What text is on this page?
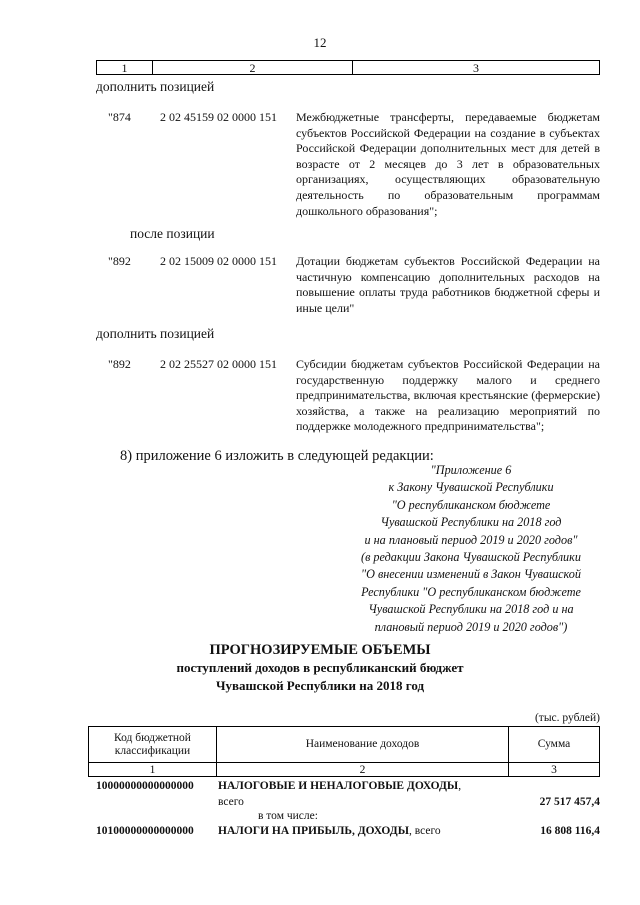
12
1	2	3
дополнить позицией
"874 2 02 45159 02 0000 151 Межбюджетные трансферты, передаваемые бюджетам субъектов Российской Федерации на создание в субъектах Российской Федерации дополнительных мест для детей в возрасте от 2 месяцев до 3 лет в образовательных организациях, осуществляющих образовательную деятельность по образовательным программам дошкольного образования";
после позиции
"892 2 02 15009 02 0000 151 Дотации бюджетам субъектов Российской Федерации на частичную компенсацию дополнительных расходов на повышение оплаты труда работников бюджетной сферы и иные цели"
дополнить позицией
"892 2 02 25527 02 0000 151 Субсидии бюджетам субъектов Российской Федерации на государственную поддержку малого и среднего предпринимательства, включая крестьянские (фермерские) хозяйства, а также на реализацию мероприятий по поддержке молодежного предпринимательства";
8) приложение 6 изложить в следующей редакции:
"Приложение 6
к Закону Чувашской Республики
"О республиканском бюджете
Чувашской Республики на 2018 год
и на плановый период 2019 и 2020 годов"
(в редакции Закона Чувашской Республики
"О внесении изменений в Закон Чувашской
Республики "О республиканском бюджете
Чувашской Республики на 2018 год и на
плановый период 2019 и 2020 годов")
ПРОГНОЗИРУЕМЫЕ ОБЪЕМЫ
поступлений доходов в республиканский бюджет
Чувашской Республики на 2018 год
(тыс. рублей)
Код бюджетной классификации	Наименование доходов	Сумма
1	2	3
10000000000000000 НАЛОГОВЫЕ И НЕНАЛОГОВЫЕ ДОХОДЫ,
всего	27 517 457,4
в том числе:
10100000000000000 НАЛОГИ НА ПРИБЫЛЬ, ДОХОДЫ, всего	16 808 116,4
